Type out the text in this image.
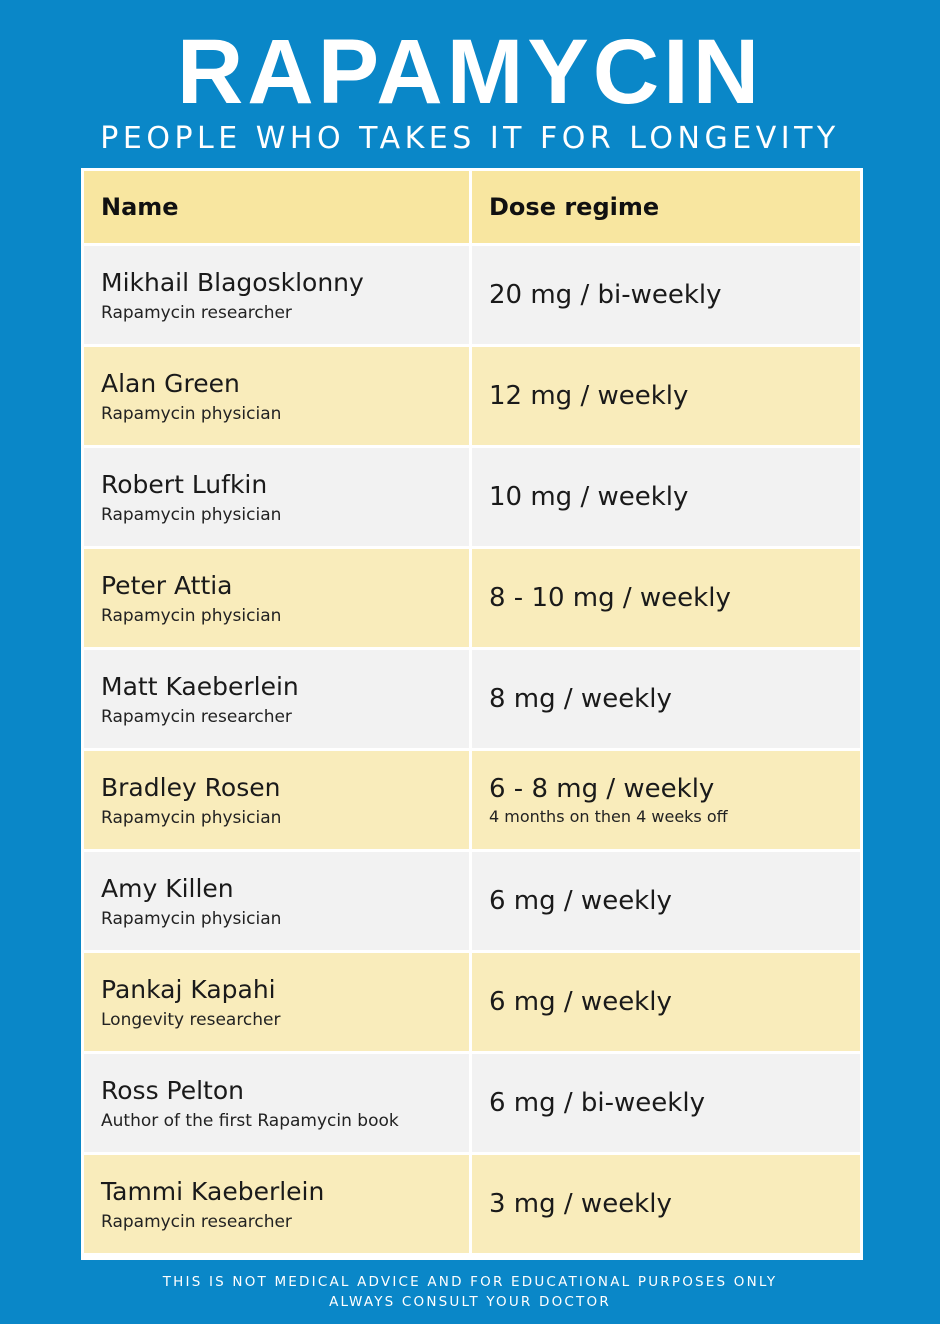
RAPAMYCIN
PEOPLE WHO TAKES IT FOR LONGEVITY
Name	Dose regime
Mikhail Blagosklonny
Rapamycin researcher
20 mg / bi-weekly
Alan Green
Rapamycin physician
12 mg / weekly
Robert Lufkin
Rapamycin physician
10 mg / weekly
Peter Attia
Rapamycin physician
8 - 10 mg / weekly
Matt Kaeberlein
Rapamycin researcher
8 mg / weekly
Bradley Rosen
Rapamycin physician
6 - 8 mg / weekly
4 months on then 4 weeks off
Amy Killen
Rapamycin physician
6 mg / weekly
Pankaj Kapahi
Longevity researcher
6 mg / weekly
Ross Pelton
Author of the first Rapamycin book
6 mg / bi-weekly
Tammi Kaeberlein
Rapamycin researcher
3 mg / weekly
THIS IS NOT MEDICAL ADVICE AND FOR EDUCATIONAL PURPOSES ONLY
ALWAYS CONSULT YOUR DOCTOR
